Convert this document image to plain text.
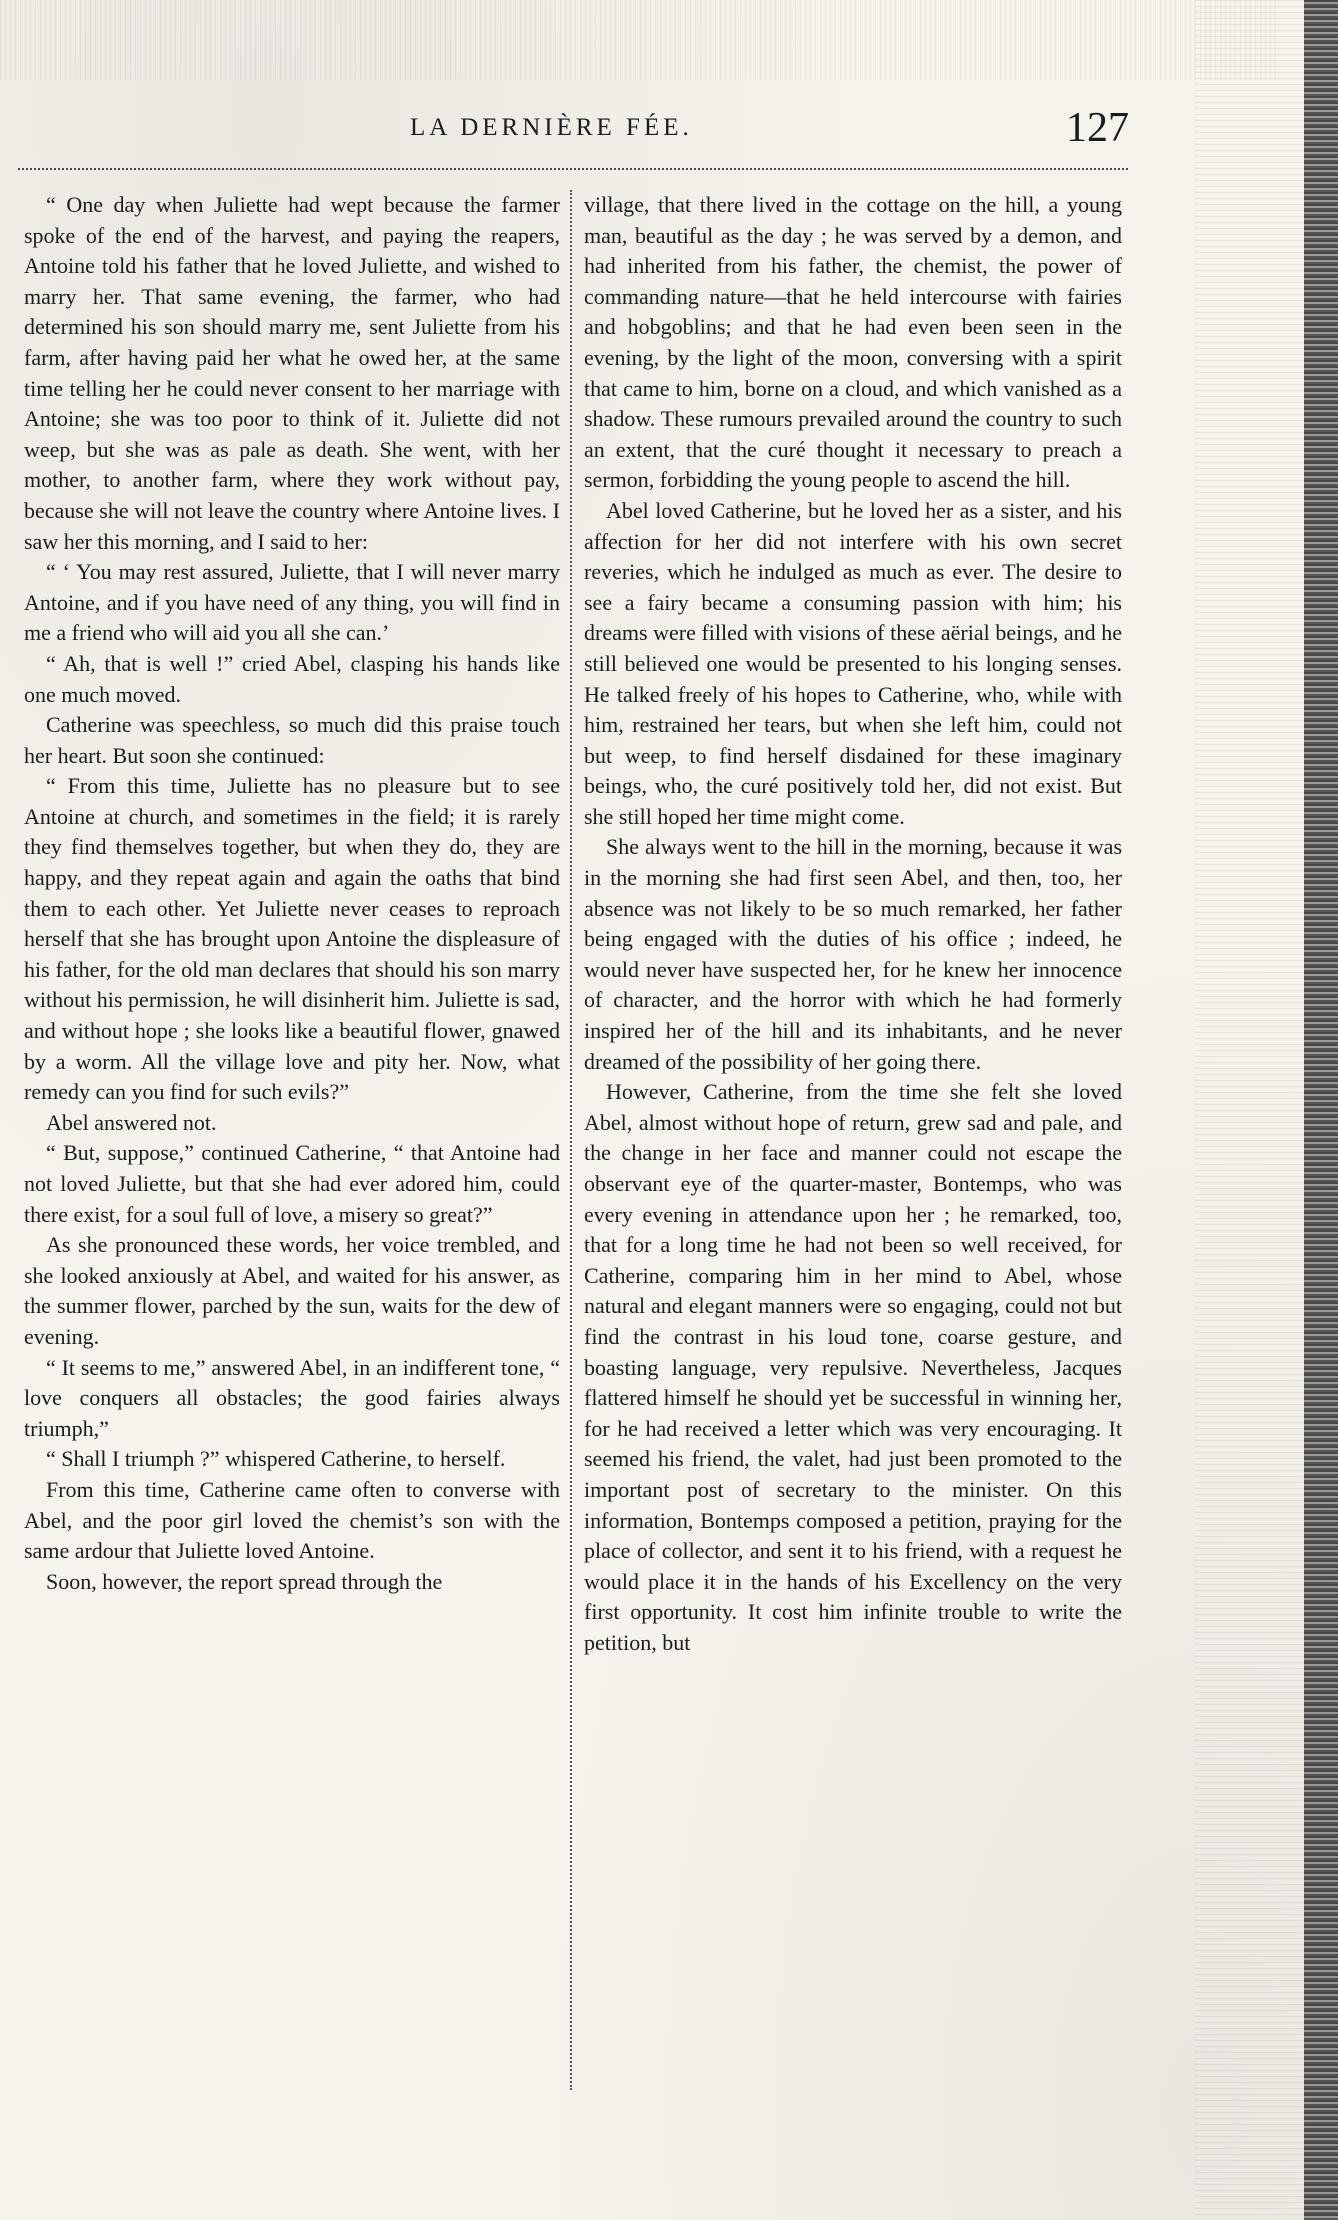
LA DERNIÈRE FÉE.	127

“ One day when Juliette had wept because the farmer spoke of the end of the harvest, and paying the reapers, Antoine told his father that he loved Juliette, and wished to marry her. That same evening, the farmer, who had determined his son should marry me, sent Juliette from his farm, after having paid her what he owed her, at the same time telling her he could never consent to her marriage with Antoine; she was too poor to think of it. Juliette did not weep, but she was as pale as death. She went, with her mother, to another farm, where they work without pay, because she will not leave the country where Antoine lives. I saw her this morning, and I said to her:

“ ‘ You may rest assured, Juliette, that I will never marry Antoine, and if you have need of any thing, you will find in me a friend who will aid you all she can.’

“ Ah, that is well !” cried Abel, clasping his hands like one much moved.

Catherine was speechless, so much did this praise touch her heart. But soon she continued:

“ From this time, Juliette has no pleasure but to see Antoine at church, and sometimes in the field; it is rarely they find themselves together, but when they do, they are happy, and they repeat again and again the oaths that bind them to each other. Yet Juliette never ceases to reproach herself that she has brought upon Antoine the displeasure of his father, for the old man declares that should his son marry without his permission, he will disinherit him. Juliette is sad, and without hope ; she looks like a beautiful flower, gnawed by a worm. All the village love and pity her. Now, what remedy can you find for such evils?”

Abel answered not.

“ But, suppose,” continued Catherine, “ that Antoine had not loved Juliette, but that she had ever adored him, could there exist, for a soul full of love, a misery so great?”

As she pronounced these words, her voice trembled, and she looked anxiously at Abel, and waited for his answer, as the summer flower, parched by the sun, waits for the dew of evening.

“ It seems to me,” answered Abel, in an indifferent tone, “ love conquers all obstacles; the good fairies always triumph,”

“ Shall I triumph ?” whispered Catherine, to herself.

From this time, Catherine came often to converse with Abel, and the poor girl loved the chemist’s son with the same ardour that Juliette loved Antoine.

Soon, however, the report spread through the

village, that there lived in the cottage on the hill, a young man, beautiful as the day ; he was served by a demon, and had inherited from his father, the chemist, the power of commanding nature—that he held intercourse with fairies and hobgoblins; and that he had even been seen in the evening, by the light of the moon, conversing with a spirit that came to him, borne on a cloud, and which vanished as a shadow. These rumours prevailed around the country to such an extent, that the curé thought it necessary to preach a sermon, forbidding the young people to ascend the hill.

Abel loved Catherine, but he loved her as a sister, and his affection for her did not interfere with his own secret reveries, which he indulged as much as ever. The desire to see a fairy became a consuming passion with him; his dreams were filled with visions of these aërial beings, and he still believed one would be presented to his longing senses. He talked freely of his hopes to Catherine, who, while with him, restrained her tears, but when she left him, could not but weep, to find herself disdained for these imaginary beings, who, the curé positively told her, did not exist. But she still hoped her time might come.

She always went to the hill in the morning, because it was in the morning she had first seen Abel, and then, too, her absence was not likely to be so much remarked, her father being engaged with the duties of his office ; indeed, he would never have suspected her, for he knew her innocence of character, and the horror with which he had formerly inspired her of the hill and its inhabitants, and he never dreamed of the possibility of her going there.

However, Catherine, from the time she felt she loved Abel, almost without hope of return, grew sad and pale, and the change in her face and manner could not escape the observant eye of the quarter-master, Bontemps, who was every evening in attendance upon her ; he remarked, too, that for a long time he had not been so well received, for Catherine, comparing him in her mind to Abel, whose natural and elegant manners were so engaging, could not but find the contrast in his loud tone, coarse gesture, and boasting language, very repulsive. Nevertheless, Jacques flattered himself he should yet be successful in winning her, for he had received a letter which was very encouraging. It seemed his friend, the valet, had just been promoted to the important post of secretary to the minister. On this information, Bontemps composed a petition, praying for the place of collector, and sent it to his friend, with a request he would place it in the hands of his Excellency on the very first opportunity. It cost him infinite trouble to write the petition, but
